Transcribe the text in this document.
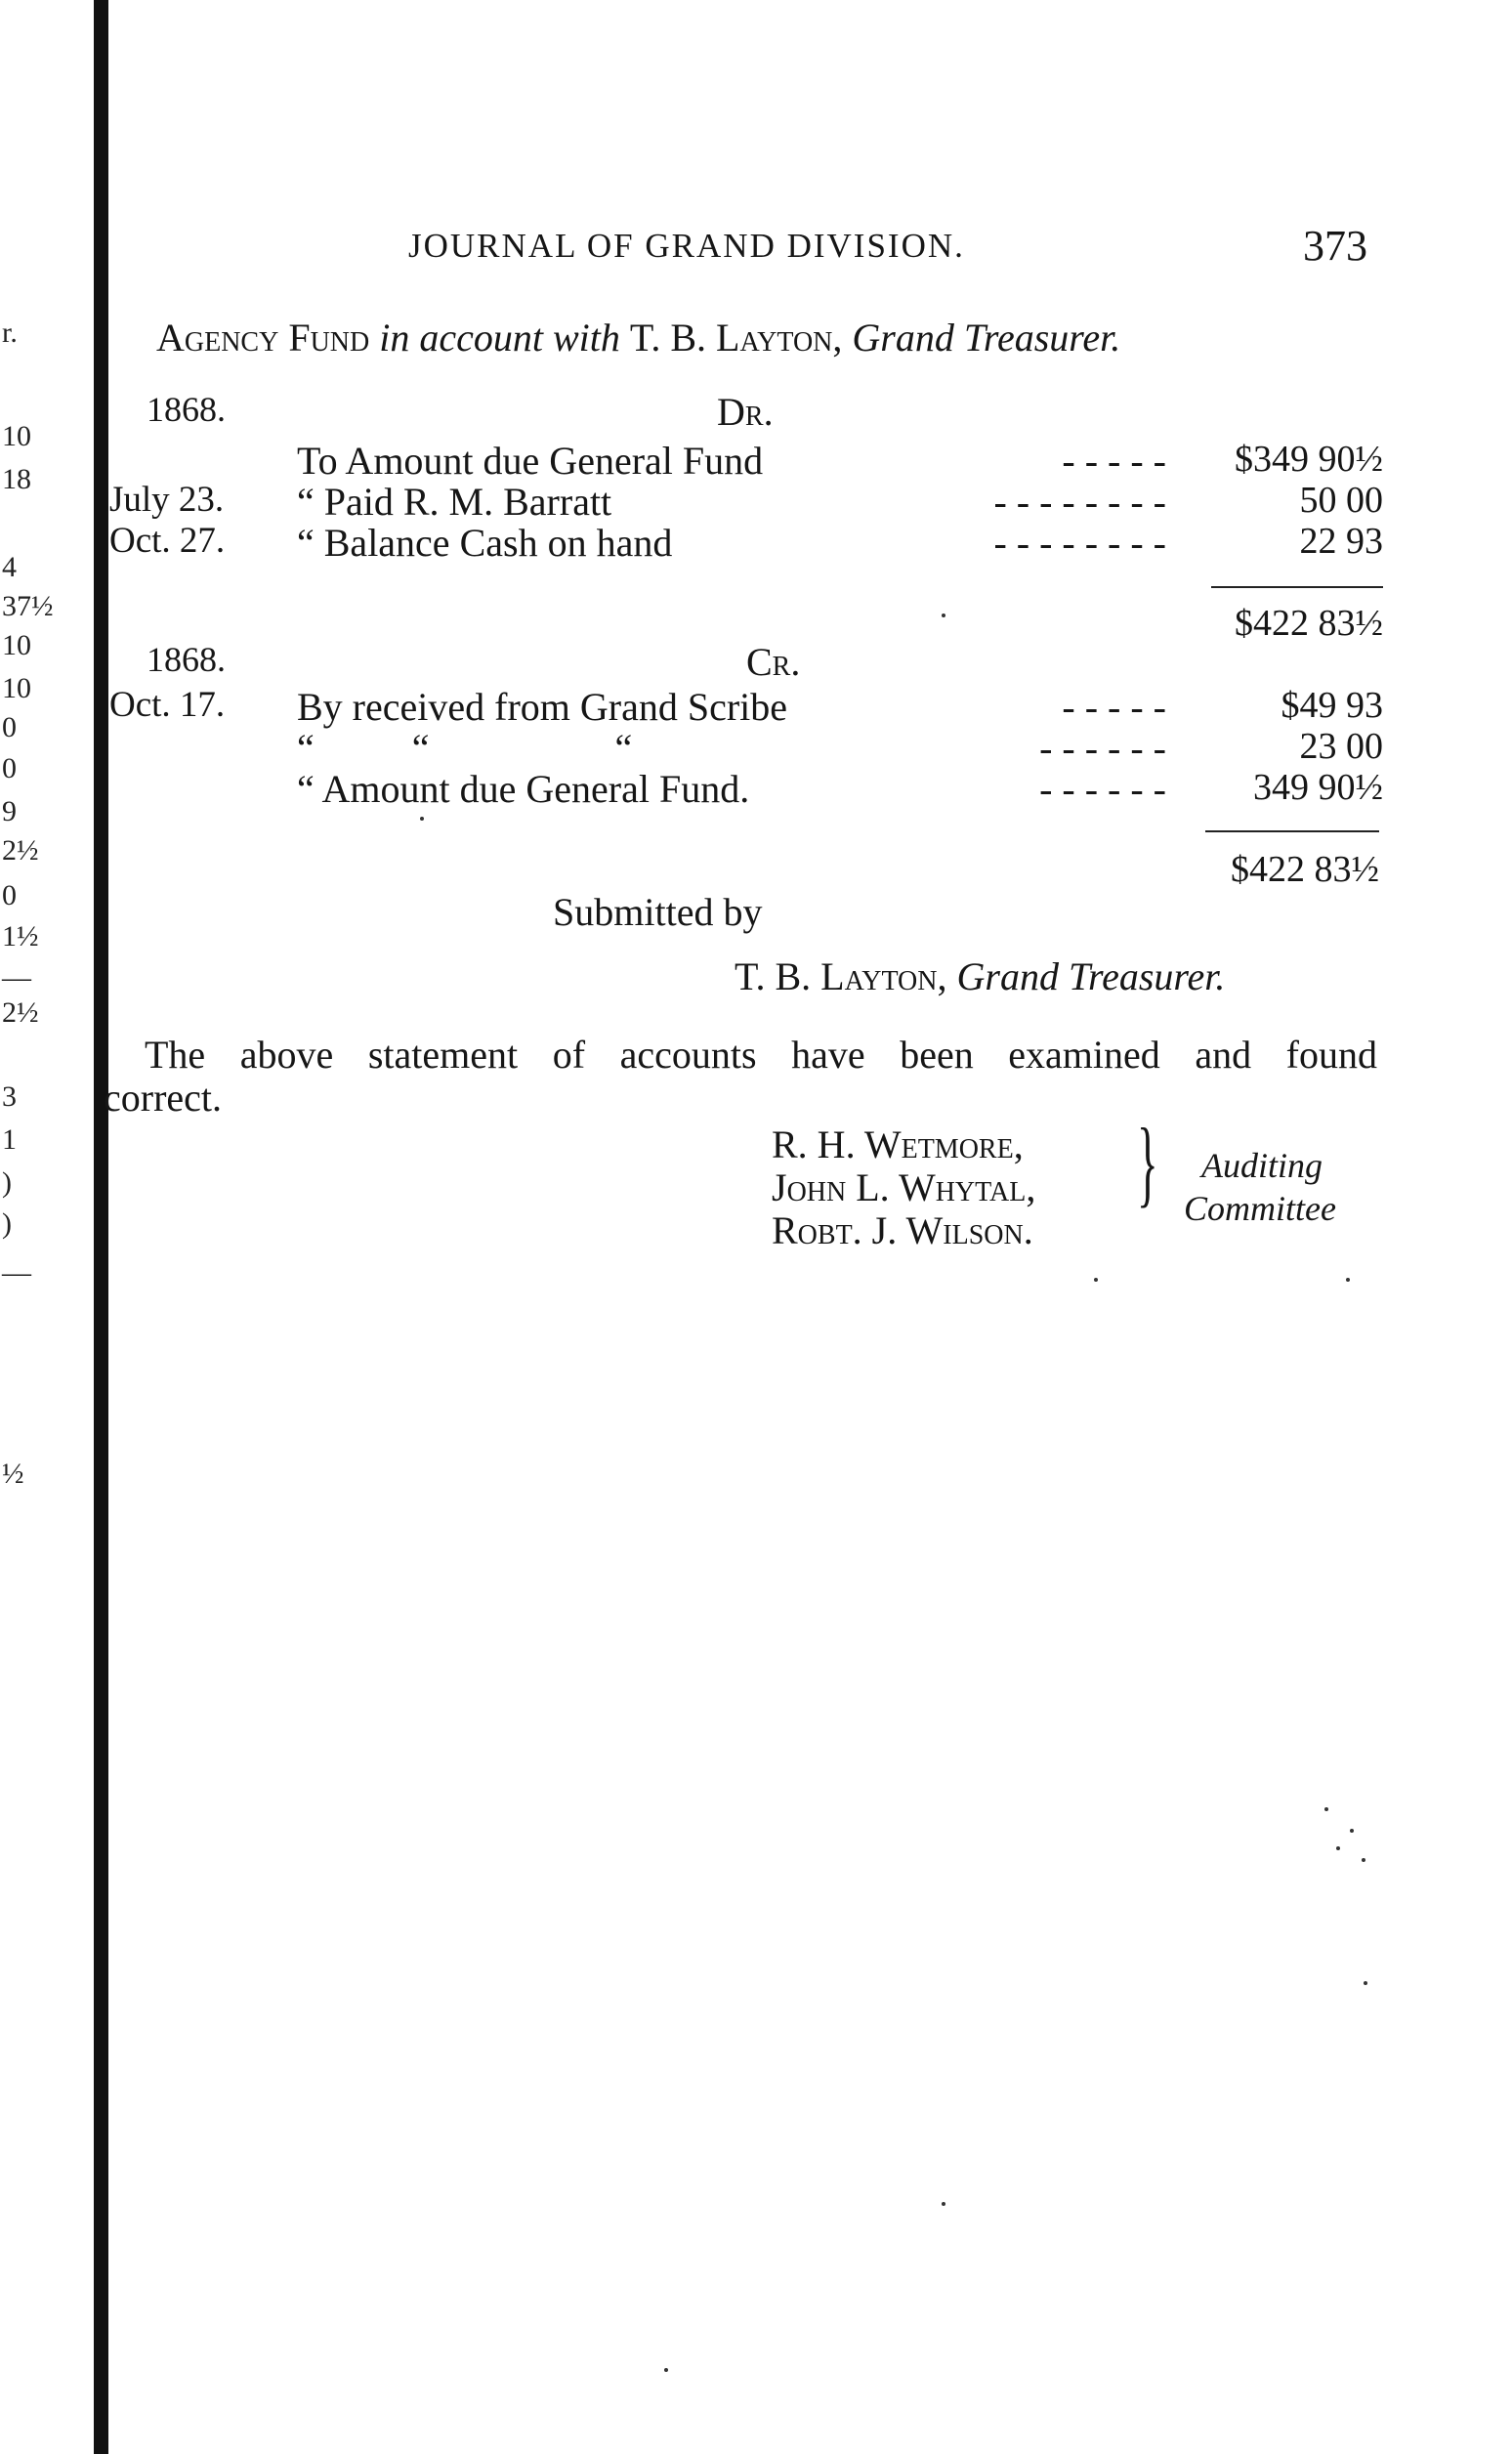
r.
10
18
4
37½
10
10
0
0
9
2½
0
1½
—
2½
3
1
)
)
—
½
JOURNAL OF GRAND DIVISION.	373
Agency Fund in account with T. B. Layton, Grand Treasurer.
1868.	Dr.
To Amount due General Fund	- - - - -	$349 90½
July 23. “ Paid R. M. Barratt	- - - - - - - -	50 00
Oct. 27. “ Balance Cash on hand	- - - - - - - -	22 93
$422 83½
1868.	Cr.
Oct. 17. By received from Grand Scribe	- - - - -	$49 93
“          “                   “	- - - - - -	23 00
“ Amount due General Fund.	- - - - - -	349 90½
$422 83½
Submitted by
T. B. Layton, Grand Treasurer.
The above statement of accounts have been examined and found
correct.
R. H. Wetmore,
John L. Whytal,
Robt. J. Wilson.
} Auditing
Committee
